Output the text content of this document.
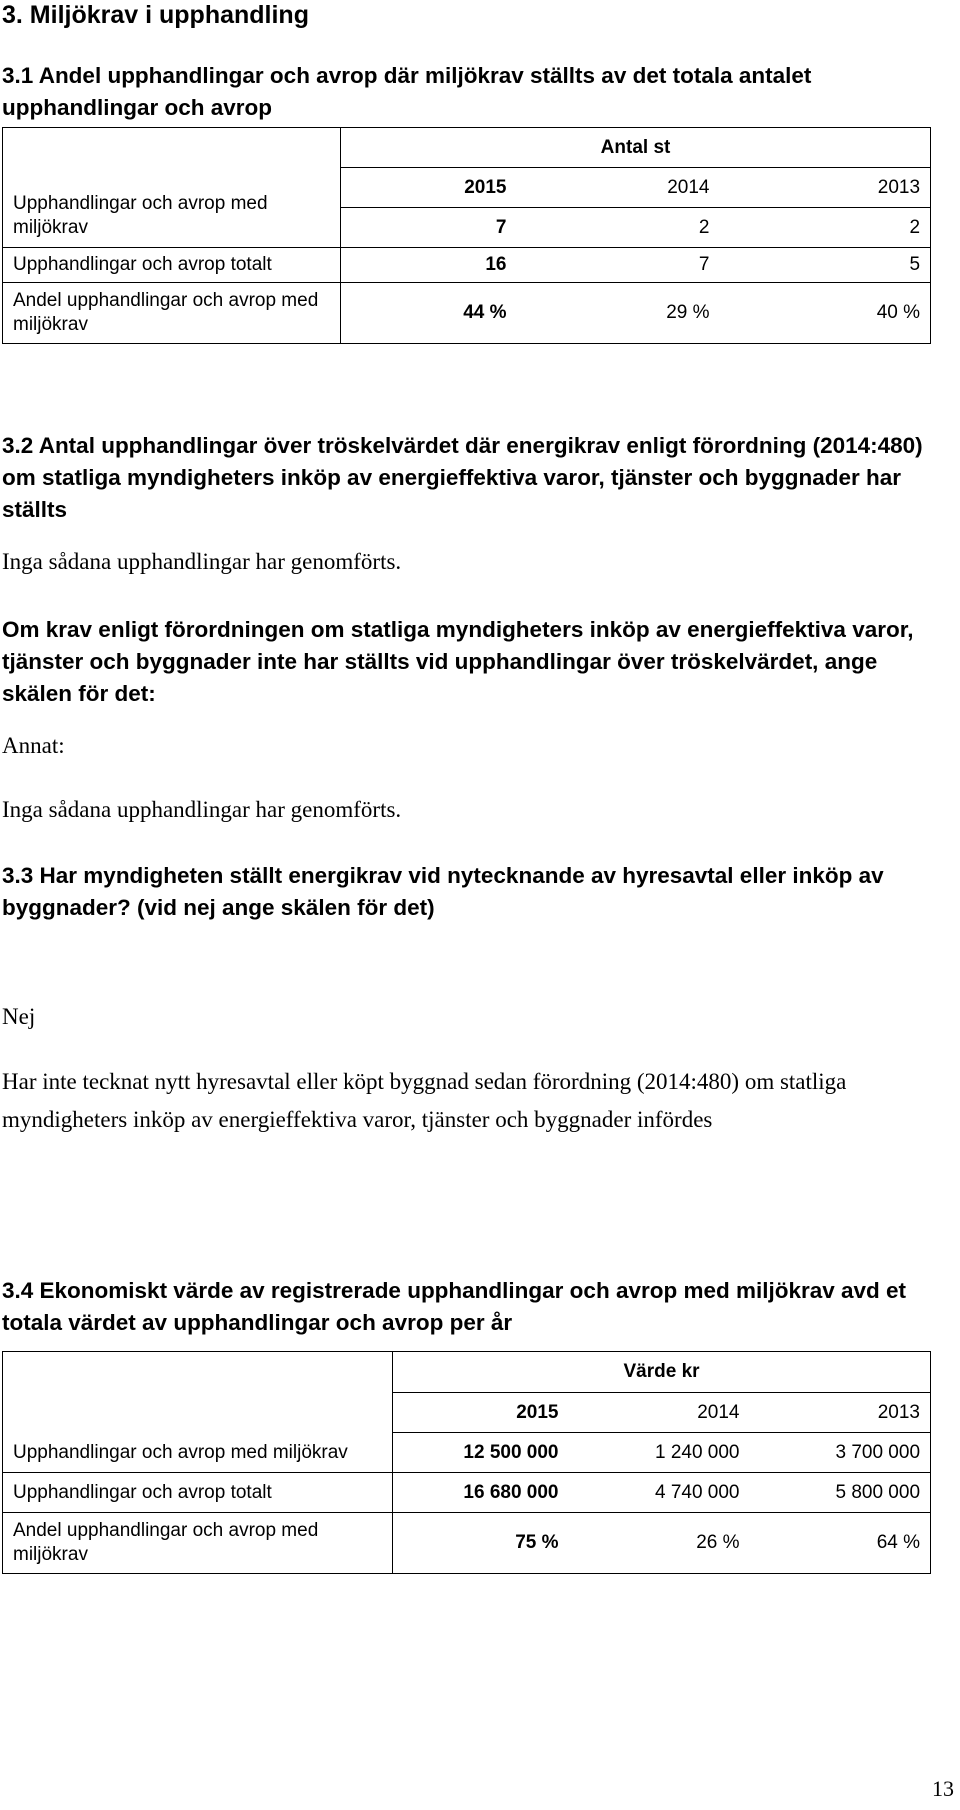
3. Miljökrav i upphandling
3.1 Andel upphandlingar och avrop där miljökrav ställts av det totala antalet upphandlingar och avrop
Upphandlingar och avrop med miljökrav	Antal st		
	2015	2014	2013
	7	2	2
Upphandlingar och avrop totalt	16	7	5
Andel upphandlingar och avrop med miljökrav	44 %	29 %	40 %
3.2 Antal upphandlingar över tröskelvärdet där energikrav enligt förordning (2014:480) om statliga myndigheters inköp av energieffektiva varor, tjänster och byggnader har ställts

Inga sådana upphandlingar har genomförts.

Om krav enligt förordningen om statliga myndigheters inköp av energieffektiva varor, tjänster och byggnader inte har ställts vid upphandlingar över tröskelvärdet, ange skälen för det:

Annat:

Inga sådana upphandlingar har genomförts.

3.3 Har myndigheten ställt energikrav vid nytecknande av hyresavtal eller inköp av byggnader? (vid nej ange skälen för det)

Nej

Har inte tecknat nytt hyresavtal eller köpt byggnad sedan förordning (2014:480) om statliga myndigheters inköp av energieffektiva varor, tjänster och byggnader infördes

3.4 Ekonomiskt värde av registrerade upphandlingar och avrop med miljökrav avd et totala värdet av upphandlingar och avrop per år
Upphandlingar och avrop med miljökrav	Värde kr		
	2015	2014	2013
	12 500 000	1 240 000	3 700 000
Upphandlingar och avrop totalt	16 680 000	4 740 000	5 800 000
Andel upphandlingar och avrop med miljökrav	75 %	26 %	64 %
13
